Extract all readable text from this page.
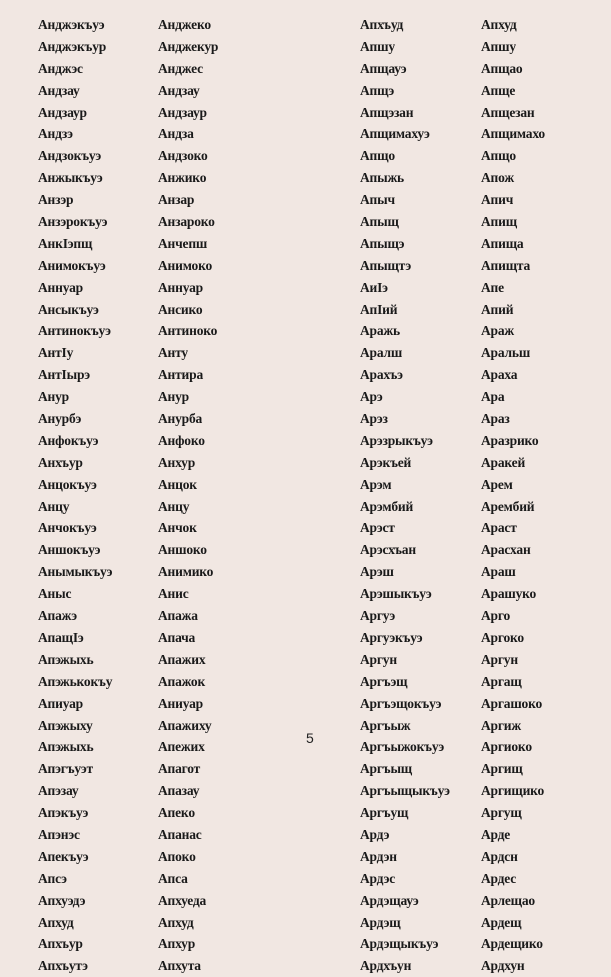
Анджэкъуэ
Анджэкъур
Анджэс
Андзау
Андзаур
Андзэ
Андзокъуэ
Анжыкъуэ
Анзэр
Анзэрокъуэ
АнкӀэпщ
Анимокъуэ
Аннуар
Ансыкъуэ
Антинокъуэ
АнтӀу
АнтӀырэ
Анур
Анурбэ
Анфокъуэ
Анхъур
Анцокъуэ
Анцу
Анчокъуэ
Аншокъуэ
Анымыкъуэ
Аныс
Апажэ
АпащӀэ
Апэжыхь
Апэжькокъу
Апиуар
Апэжыху
Апэжыхь
Апэгъуэт
Апэзау
Апэкъуэ
Апэнэс
Апекъуэ
Апсэ
Апхуэдэ
Апхуд
Апхъур
Апхъутэ
Анджеко
Анджекур
Анджес
Андзау
Андзаур
Андза
Андзоко
Анжико
Анзар
Анзароко
Анчепш
Анимоко
Аннуар
Ансико
Антиноко
Анту
Антира
Анур
Анурба
Анфоко
Анхур
Анцок
Анцу
Анчок
Аншоко
Анимико
Анис
Апажа
Апача
Апажих
Апажок
Аниуар
Апажиху
Апежих
Апагот
Апазау
Апеко
Апанас
Апоко
Апса
Апхуеда
Апхуд
Апхур
Апхута
Апхъуд
Апшу
Апщауэ
Апщэ
Апщэзан
Апщимахуэ
Апщо
Апыжь
Апыч
Апыщ
Апыщэ
Апыщтэ
АиӀэ
АпӀий
Аражь
Аралш
Арахъэ
Арэ
Арэз
Арэзрыкъуэ
Арэкъей
Арэм
Арэмбий
Арэст
Арэсхъан
Арэш
Арэшыкъуэ
Аргуэ
Аргуэкъуэ
Аргун
Аргъэщ
Аргъэщокъуэ
Аргъыж
Аргъыжокъуэ
Аргъыщ
Аргъыщыкъуэ
Аргъущ
Ардэ
Ардэн
Ардэс
Ардэщауэ
Ардэщ
Ардэщыкъуэ
Ардхъун
Апхуд
Апшу
Апщао
Апще
Апщезан
Апщимахо
Апщо
Апож
Апич
Апищ
Апища
Апищта
Апе
Апий
Араж
Аральш
Араха
Ара
Араз
Аразрико
Аракей
Арем
Арембий
Араст
Арасхан
Араш
Арашуко
Арго
Аргоко
Аргун
Аргащ
Аргашоко
Аргиж
Аргиоко
Аргищ
Аргищико
Аргущ
Арде
Ардсн
Ардес
Арлещао
Ардещ
Ардещико
Ардхун
5
